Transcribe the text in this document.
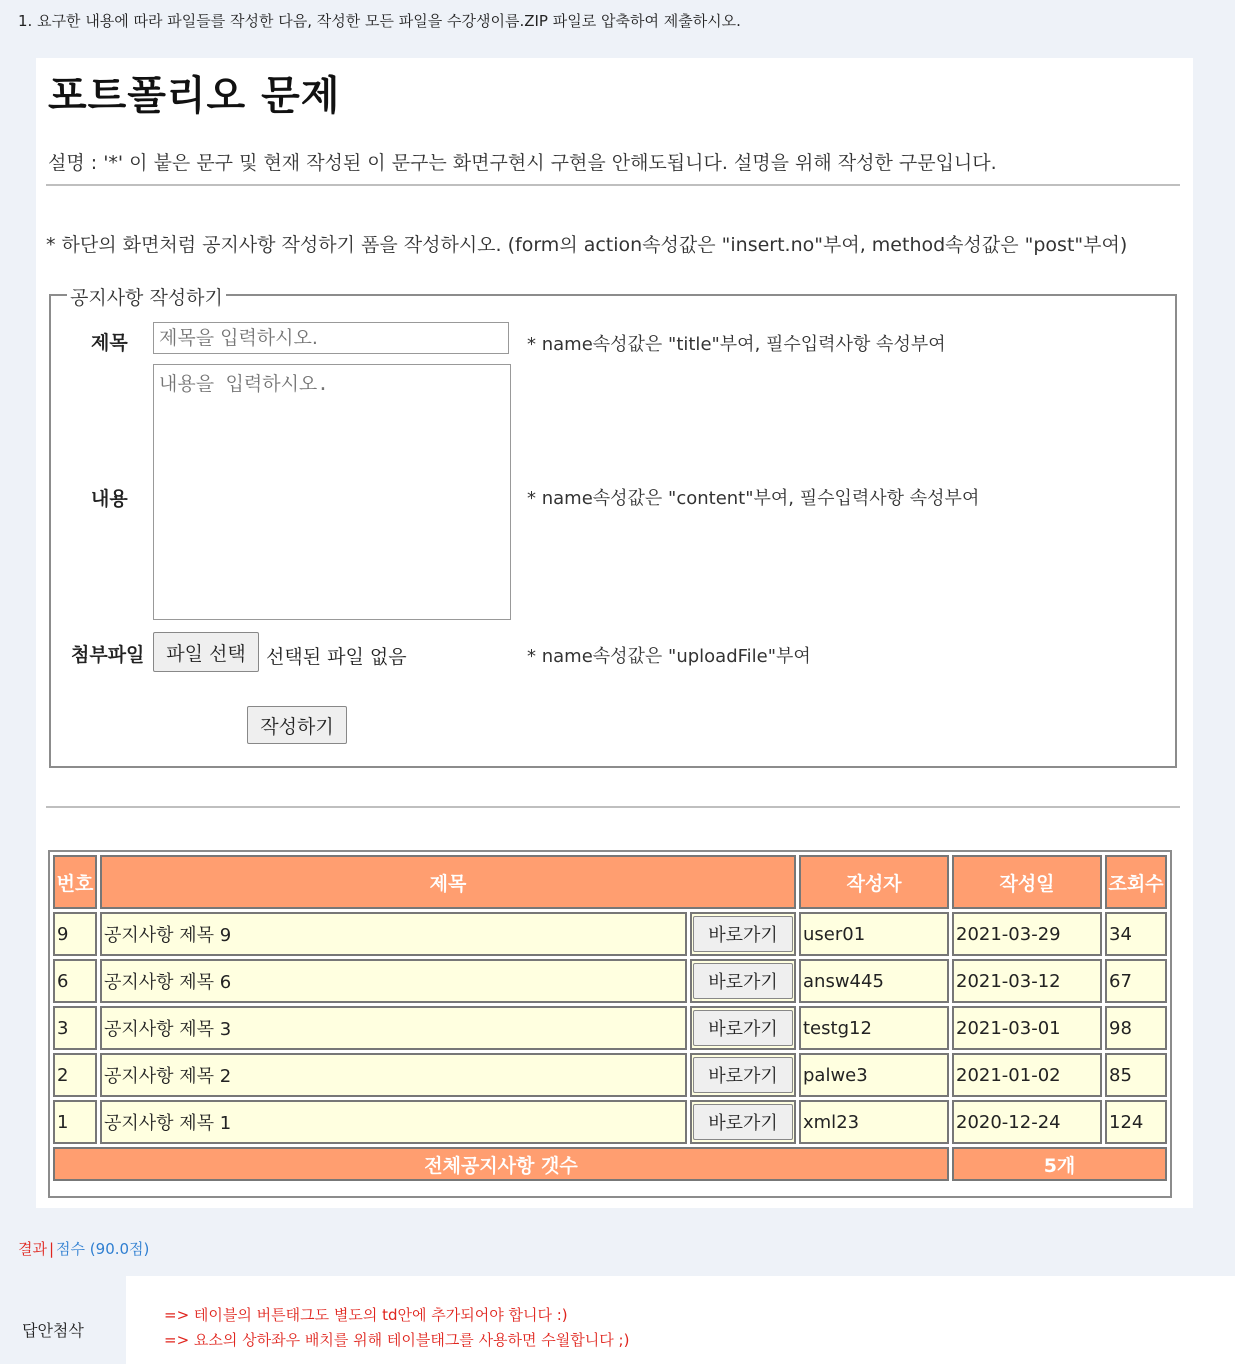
1. 요구한 내용에 따라 파일들를 작성한 다음, 작성한 모든 파일을 수강생이름.ZIP 파일로 압축하여 제출하시오.
포트폴리오 문제
설명 : '*' 이 붙은 문구 및 현재 작성된 이 문구는 화면구현시 구현을 안해도됩니다. 설명을 위해 작성한 구문입니다.
* 하단의 화면처럼 공지사항 작성하기 폼을 작성하시오. (form의 action속성값은 "insert.no"부여, method속성값은 "post"부여)
공지사항 작성하기
제목
제목을 입력하시오.	* name속성값은 "title"부여, 필수입력사항 속성부여
내용
내용을 입력하시오.	* name속성값은 "content"부여, 필수입력사항 속성부여
첨부파일	파일 선택	선택된 파일 없음	* name속성값은 "uploadFile"부여
작성하기
번호	제목		작성자	작성일	조회수
9	공지사항 제목 9	바로가기	user01	2021-03-29	34
6	공지사항 제목 6	바로가기	answ445	2021-03-12	67
3	공지사항 제목 3	바로가기	testg12	2021-03-01	98
2	공지사항 제목 2	바로가기	palwe3	2021-01-02	85
1	공지사항 제목 1	바로가기	xml23	2020-12-24	124
전체공지사항 갯수				5개	
결과 | 점수 (90.0점)
답안첨삭
=> 테이블의 버튼태그도 별도의 td안에 추가되어야 합니다 :)
=> 요소의 상하좌우 배치를 위해 테이블태그를 사용하면 수월합니다 ;)
